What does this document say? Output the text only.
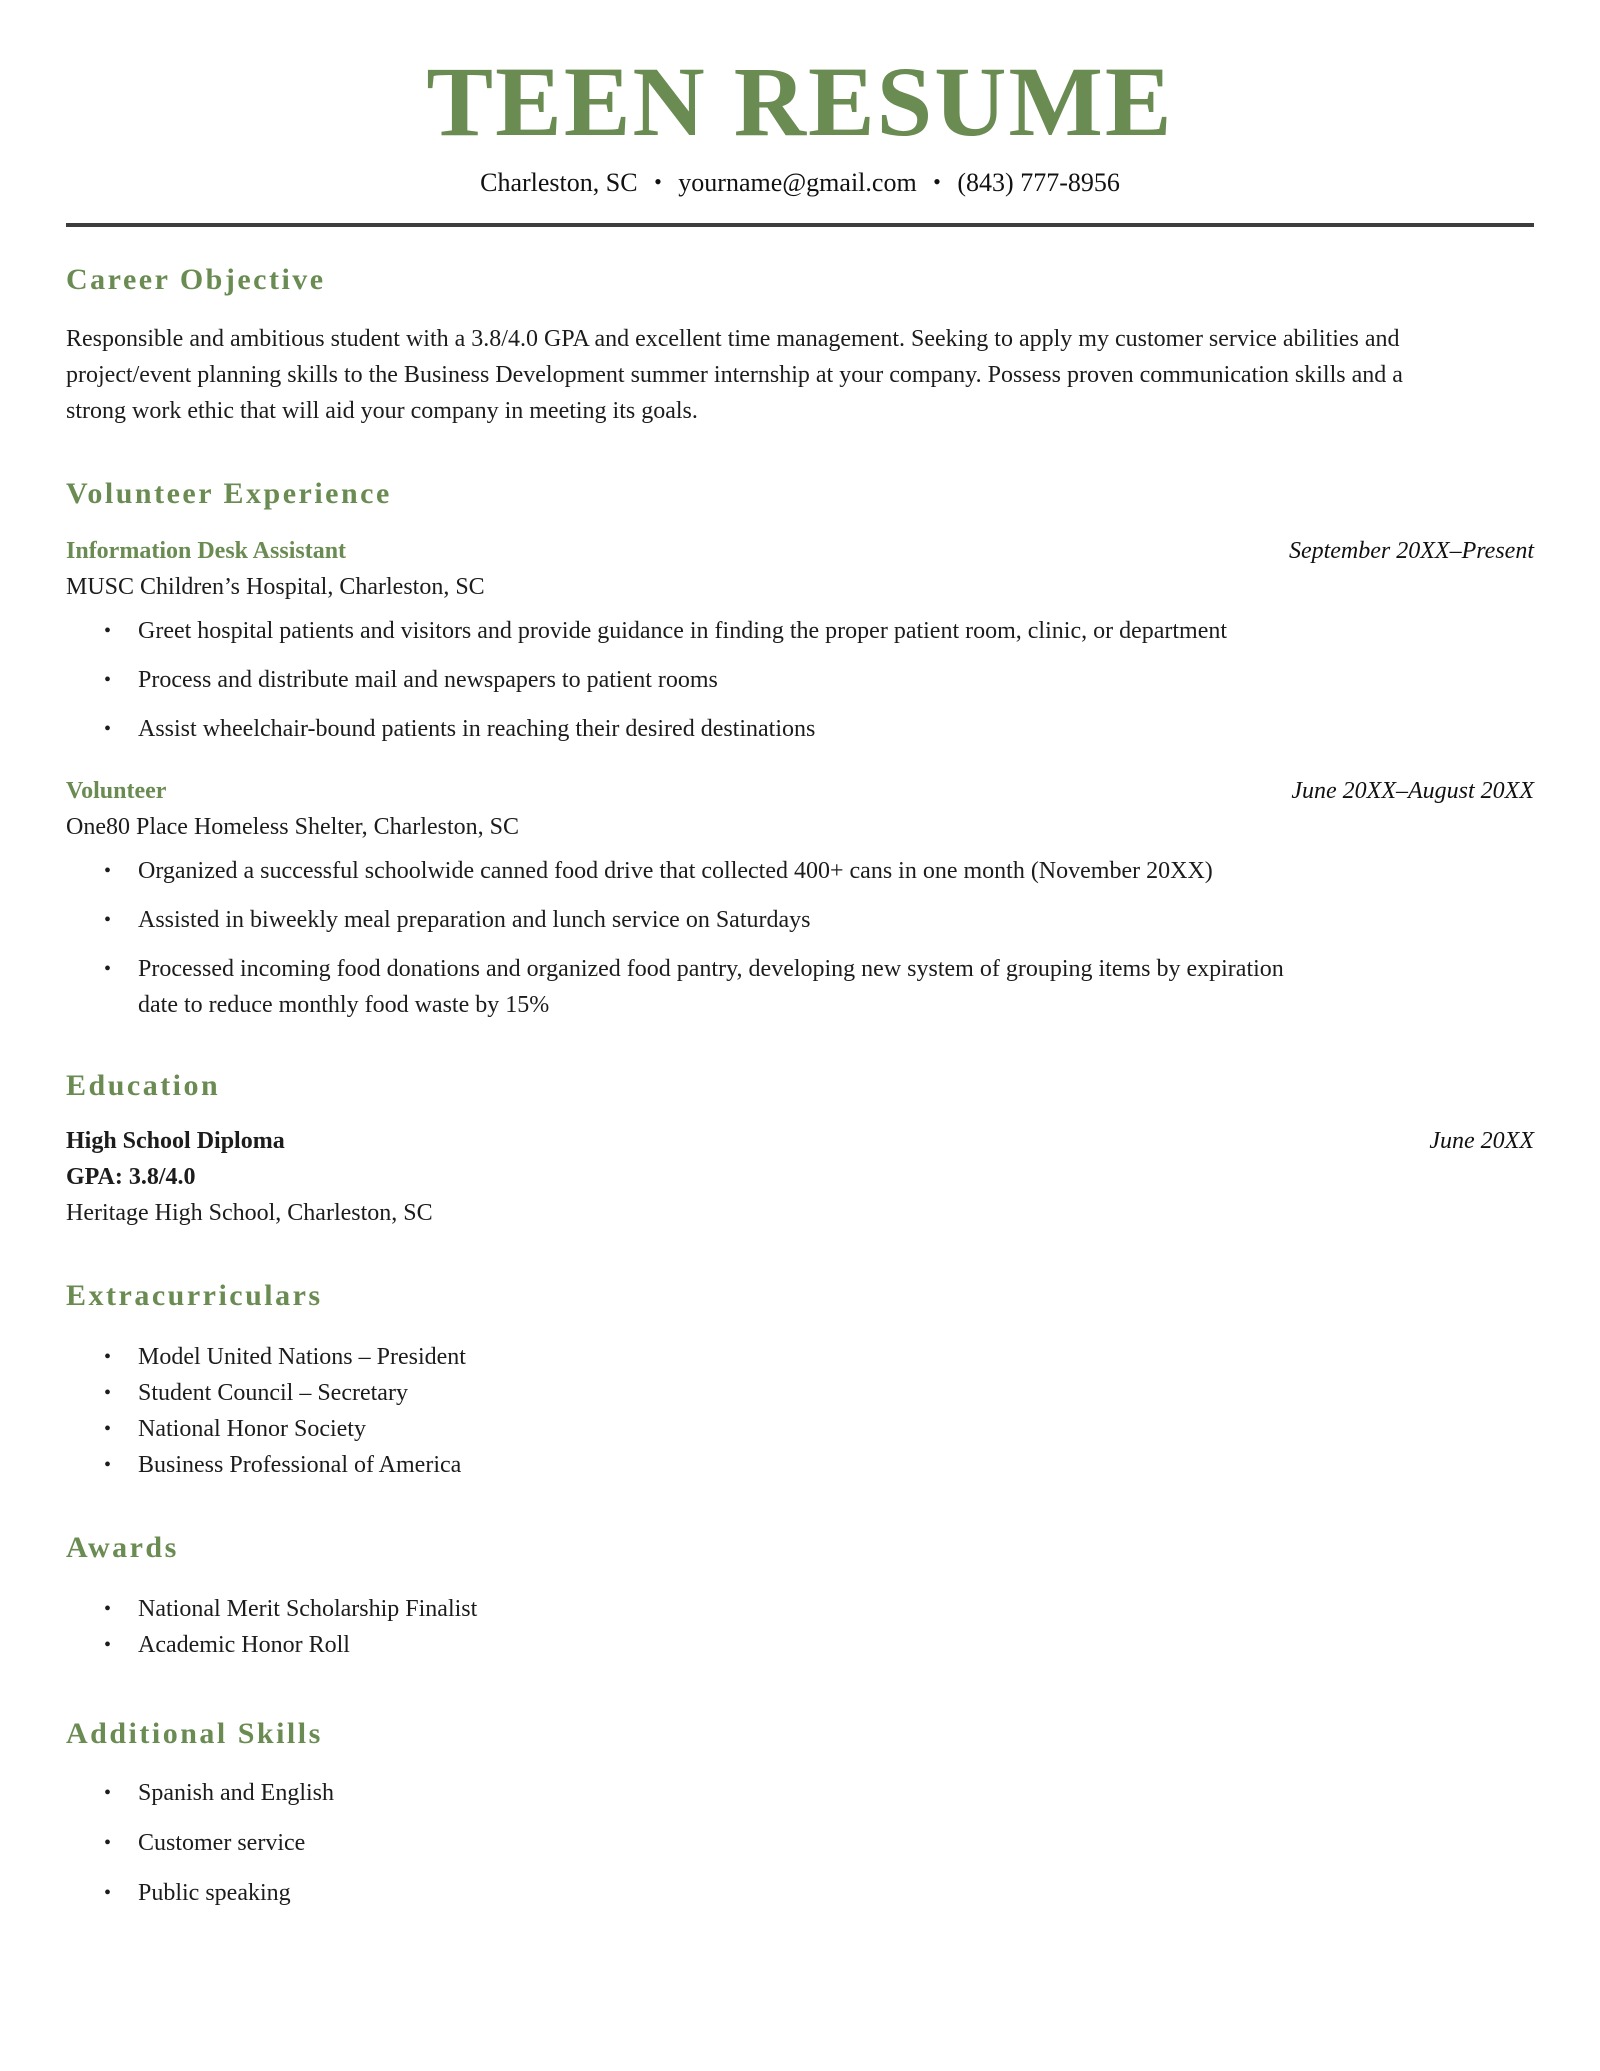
TEEN RESUME
Charleston, SC • yourname@gmail.com • (843) 777-8956
Career Objective

Responsible and ambitious student with a 3.8/4.0 GPA and excellent time management. Seeking to apply my customer service abilities and project/event planning skills to the Business Development summer internship at your company. Possess proven communication skills and a strong work ethic that will aid your company in meeting its goals.

Volunteer Experience
Information Desk Assistant	September 20XX–Present
MUSC Children’s Hospital, Charleston, SC
• Greet hospital patients and visitors and provide guidance in finding the proper patient room, clinic, or department
• Process and distribute mail and newspapers to patient rooms
• Assist wheelchair-bound patients in reaching their desired destinations
Volunteer	June 20XX–August 20XX
One80 Place Homeless Shelter, Charleston, SC
• Organized a successful schoolwide canned food drive that collected 400+ cans in one month (November 20XX)
• Assisted in biweekly meal preparation and lunch service on Saturdays
• Processed incoming food donations and organized food pantry, developing new system of grouping items by expiration date to reduce monthly food waste by 15%
Education
High School Diploma	June 20XX
GPA: 3.8/4.0
Heritage High School, Charleston, SC
Extracurriculars
• Model United Nations – President
• Student Council – Secretary
• National Honor Society
• Business Professional of America
Awards
• National Merit Scholarship Finalist
• Academic Honor Roll
Additional Skills
• Spanish and English
• Customer service
• Public speaking
